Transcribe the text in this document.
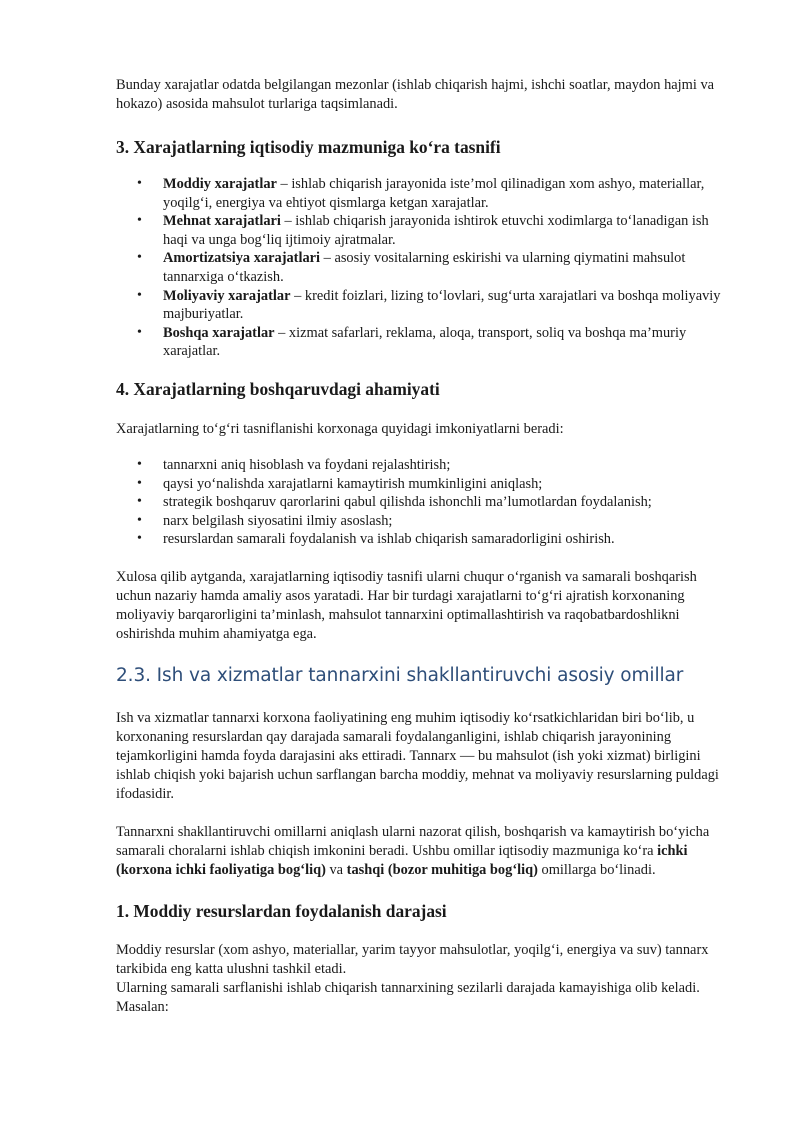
Bunday xarajatlar odatda belgilangan mezonlar (ishlab chiqarish hajmi, ishchi soatlar, maydon hajmi va hokazo) asosida mahsulot turlariga taqsimlanadi.

3. Xarajatlarning iqtisodiy mazmuniga ko‘ra tasnifi
• Moddiy xarajatlar – ishlab chiqarish jarayonida iste’mol qilinadigan xom ashyo, materiallar, yoqilg‘i, energiya va ehtiyot qismlarga ketgan xarajatlar.
• Mehnat xarajatlari – ishlab chiqarish jarayonida ishtirok etuvchi xodimlarga to‘lanadigan ish haqi va unga bog‘liq ijtimoiy ajratmalar.
• Amortizatsiya xarajatlari – asosiy vositalarning eskirishi va ularning qiymatini mahsulot tannarxiga o‘tkazish.
• Moliyaviy xarajatlar – kredit foizlari, lizing to‘lovlari, sug‘urta xarajatlari va boshqa moliyaviy majburiyatlar.
• Boshqa xarajatlar – xizmat safarlari, reklama, aloqa, transport, soliq va boshqa ma’muriy xarajatlar.
4. Xarajatlarning boshqaruvdagi ahamiyati

Xarajatlarning to‘g‘ri tasniflanishi korxonaga quyidagi imkoniyatlarni beradi:

• tannarxni aniq hisoblash va foydani rejalashtirish;
• qaysi yo‘nalishda xarajatlarni kamaytirish mumkinligini aniqlash;
• strategik boshqaruv qarorlarini qabul qilishda ishonchli ma’lumotlardan foydalanish;
• narx belgilash siyosatini ilmiy asoslash;
• resurslardan samarali foydalanish va ishlab chiqarish samaradorligini oshirish.

Xulosa qilib aytganda, xarajatlarning iqtisodiy tasnifi ularni chuqur o‘rganish va samarali boshqarish uchun nazariy hamda amaliy asos yaratadi. Har bir turdagi xarajatlarni to‘g‘ri ajratish korxonaning moliyaviy barqarorligini ta’minlash, mahsulot tannarxini optimallashtirish va raqobatbardoshlikni oshirishda muhim ahamiyatga ega.

2.3. Ish va xizmatlar tannarxini shakllantiruvchi asosiy omillar

Ish va xizmatlar tannarxi korxona faoliyatining eng muhim iqtisodiy ko‘rsatkichlaridan biri bo‘lib, u korxonaning resurslardan qay darajada samarali foydalanganligini, ishlab chiqarish jarayonining tejamkorligini hamda foyda darajasini aks ettiradi. Tannarx — bu mahsulot (ish yoki xizmat) birligini ishlab chiqish yoki bajarish uchun sarflangan barcha moddiy, mehnat va moliyaviy resurslarning puldagi ifodasidir.

Tannarxni shakllantiruvchi omillarni aniqlash ularni nazorat qilish, boshqarish va kamaytirish bo‘yicha samarali choralarni ishlab chiqish imkonini beradi. Ushbu omillar iqtisodiy mazmuniga ko‘ra ichki (korxona ichki faoliyatiga bog‘liq) va tashqi (bozor muhitiga bog‘liq) omillarga bo‘linadi.

1. Moddiy resurslardan foydalanish darajasi

Moddiy resurslar (xom ashyo, materiallar, yarim tayyor mahsulotlar, yoqilg‘i, energiya va suv) tannarx tarkibida eng katta ulushni tashkil etadi.

Ularning samarali sarflanishi ishlab chiqarish tannarxining sezilarli darajada kamayishiga olib keladi. Masalan:
